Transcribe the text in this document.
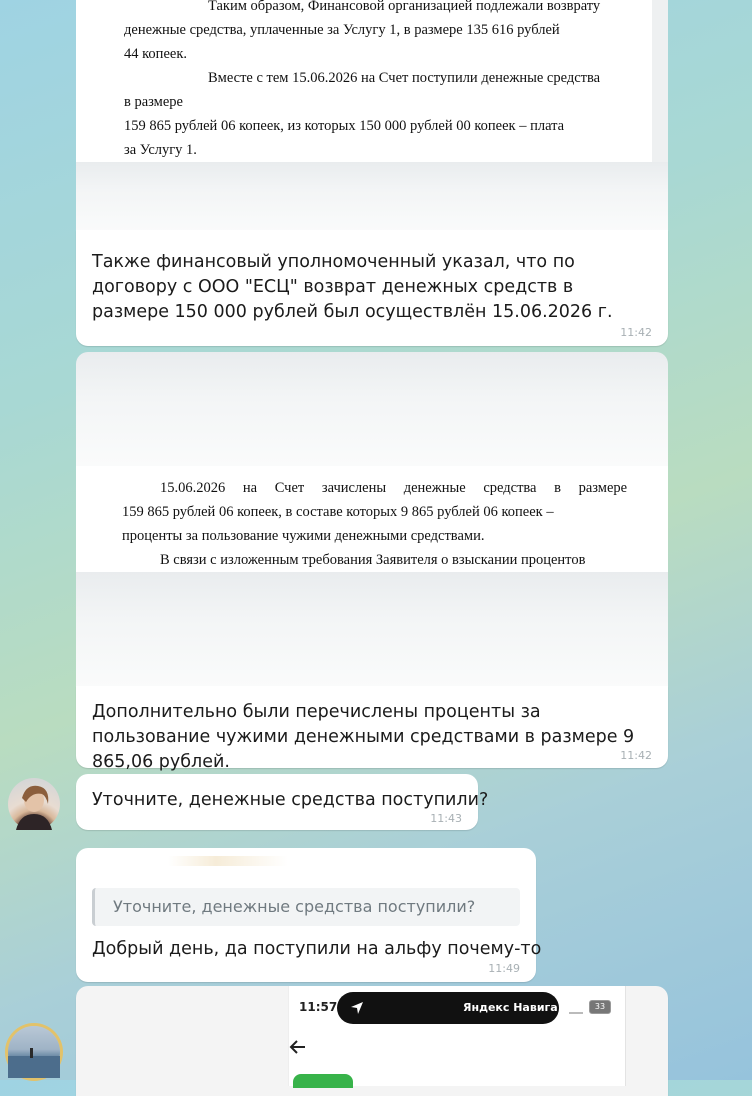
Таким образом, Финансовой организацией подлежали возврату

денежные средства, уплаченные за Услугу 1, в размере 135 616 рублей

44 копеек.

Вместе с тем 15.06.2026 на Счет поступили денежные средства в размере

159 865 рублей 06 копеек, из которых 150 000 рублей 00 копеек – плата

за Услугу 1.

Также финансовый уполномоченный указал, что по договору с ООО "ЕСЦ" возврат денежных средств в размере 150 000 рублей был осуществлён 15.06.2026 г.
11:42

15.06.2026 на Счет зачислены денежные средства в размере

159 865 рублей 06 копеек, в составе которых 9 865 рублей 06 копеек –

проценты за пользование чужими денежными средствами.

В связи с изложенным требования Заявителя о взыскании процентов

Дополнительно были перечислены проценты за пользование чужими денежными средствами в размере 9 865,06 рублей.	11:42
Уточните, денежные средства поступили?
11:43
Уточните, денежные средства поступили?
Добрый день, да поступили на альфу почему-то
11:49
11:57	Яндекс Навига	33
